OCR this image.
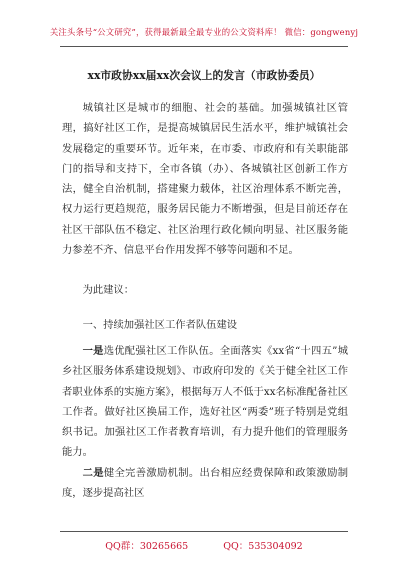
关注头条号“公文研究”，获得最新最全最专业的公文资料库！ 微信：gongwenyj
xx市政协xx届xx次会议上的发言（市政协委员）

城镇社区是城市的细胞、社会的基础。加强城镇社区管理，搞好社区工作，是提高城镇居民生活水平，维护城镇社会发展稳定的重要环节。近年来，在市委、市政府和有关职能部门的指导和支持下，全市各镇（办）、各城镇社区创新工作方法，健全自治机制，搭建聚力载体，社区治理体系不断完善，权力运行更趋规范，服务居民能力不断增强，但是目前还存在社区干部队伍不稳定、社区治理行政化倾向明显、社区服务能力参差不齐、信息平台作用发挥不够等问题和不足。

为此建议：

一、持续加强社区工作者队伍建设

一是选优配强社区工作队伍。全面落实《xx省“十四五”城乡社区服务体系建设规划》、市政府印发的《关于健全社区工作者职业体系的实施方案》，根据每万人不低于xx名标准配备社区工作者。做好社区换届工作，选好社区“两委”班子特别是党组织书记。加强社区工作者教育培训，有力提升他们的管理服务能力。

二是健全完善激励机制。出台相应经费保障和政策激励制度，逐步提高社区

QQ群：30265665	QQ：535304092
